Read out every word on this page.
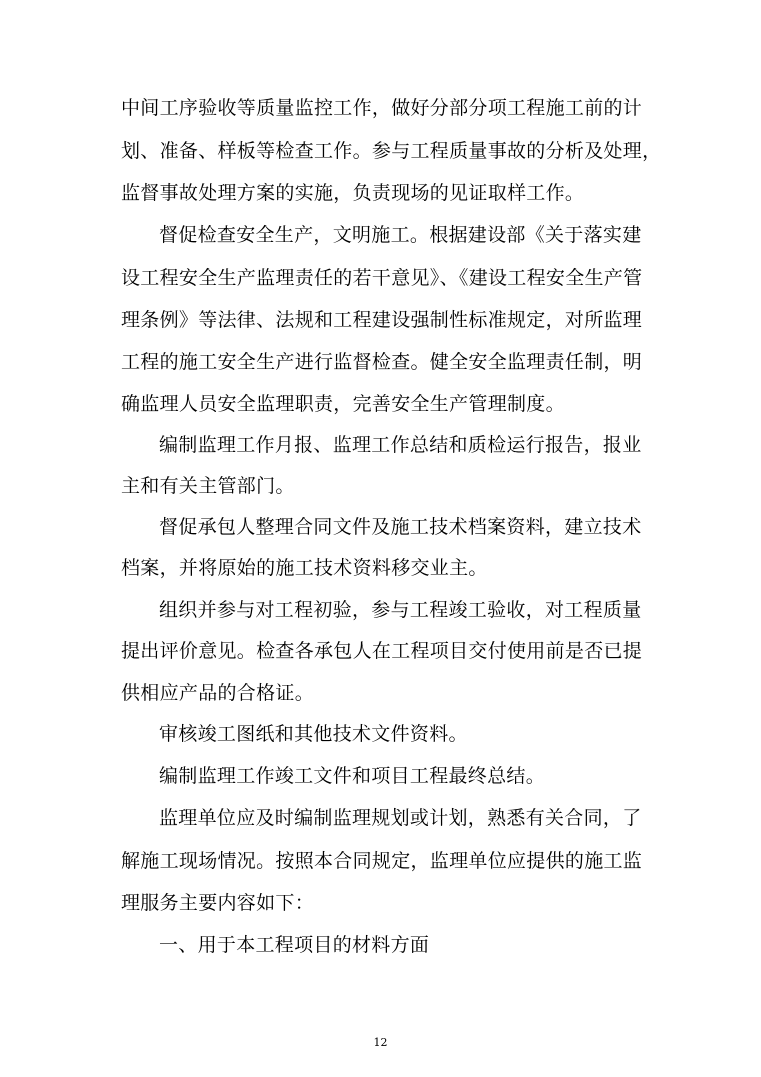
中间工序验收等质量监控工作，做好分部分项工程施工前的计

划、准备、样板等检查工作。参与工程质量事故的分析及处理，

监督事故处理方案的实施，负责现场的见证取样工作。

督促检查安全生产，文明施工。根据建设部《关于落实建

设工程安全生产监理责任的若干意见》、《建设工程安全生产管

理条例》等法律、法规和工程建设强制性标准规定，对所监理

工程的施工安全生产进行监督检查。健全安全监理责任制，明

确监理人员安全监理职责，完善安全生产管理制度。

编制监理工作月报、监理工作总结和质检运行报告，报业

主和有关主管部门。

督促承包人整理合同文件及施工技术档案资料，建立技术

档案，并将原始的施工技术资料移交业主。

组织并参与对工程初验，参与工程竣工验收，对工程质量

提出评价意见。检查各承包人在工程项目交付使用前是否已提

供相应产品的合格证。

审核竣工图纸和其他技术文件资料。

编制监理工作竣工文件和项目工程最终总结。

监理单位应及时编制监理规划或计划，熟悉有关合同，了

解施工现场情况。按照本合同规定，监理单位应提供的施工监

理服务主要内容如下：

一、用于本工程项目的材料方面

12
